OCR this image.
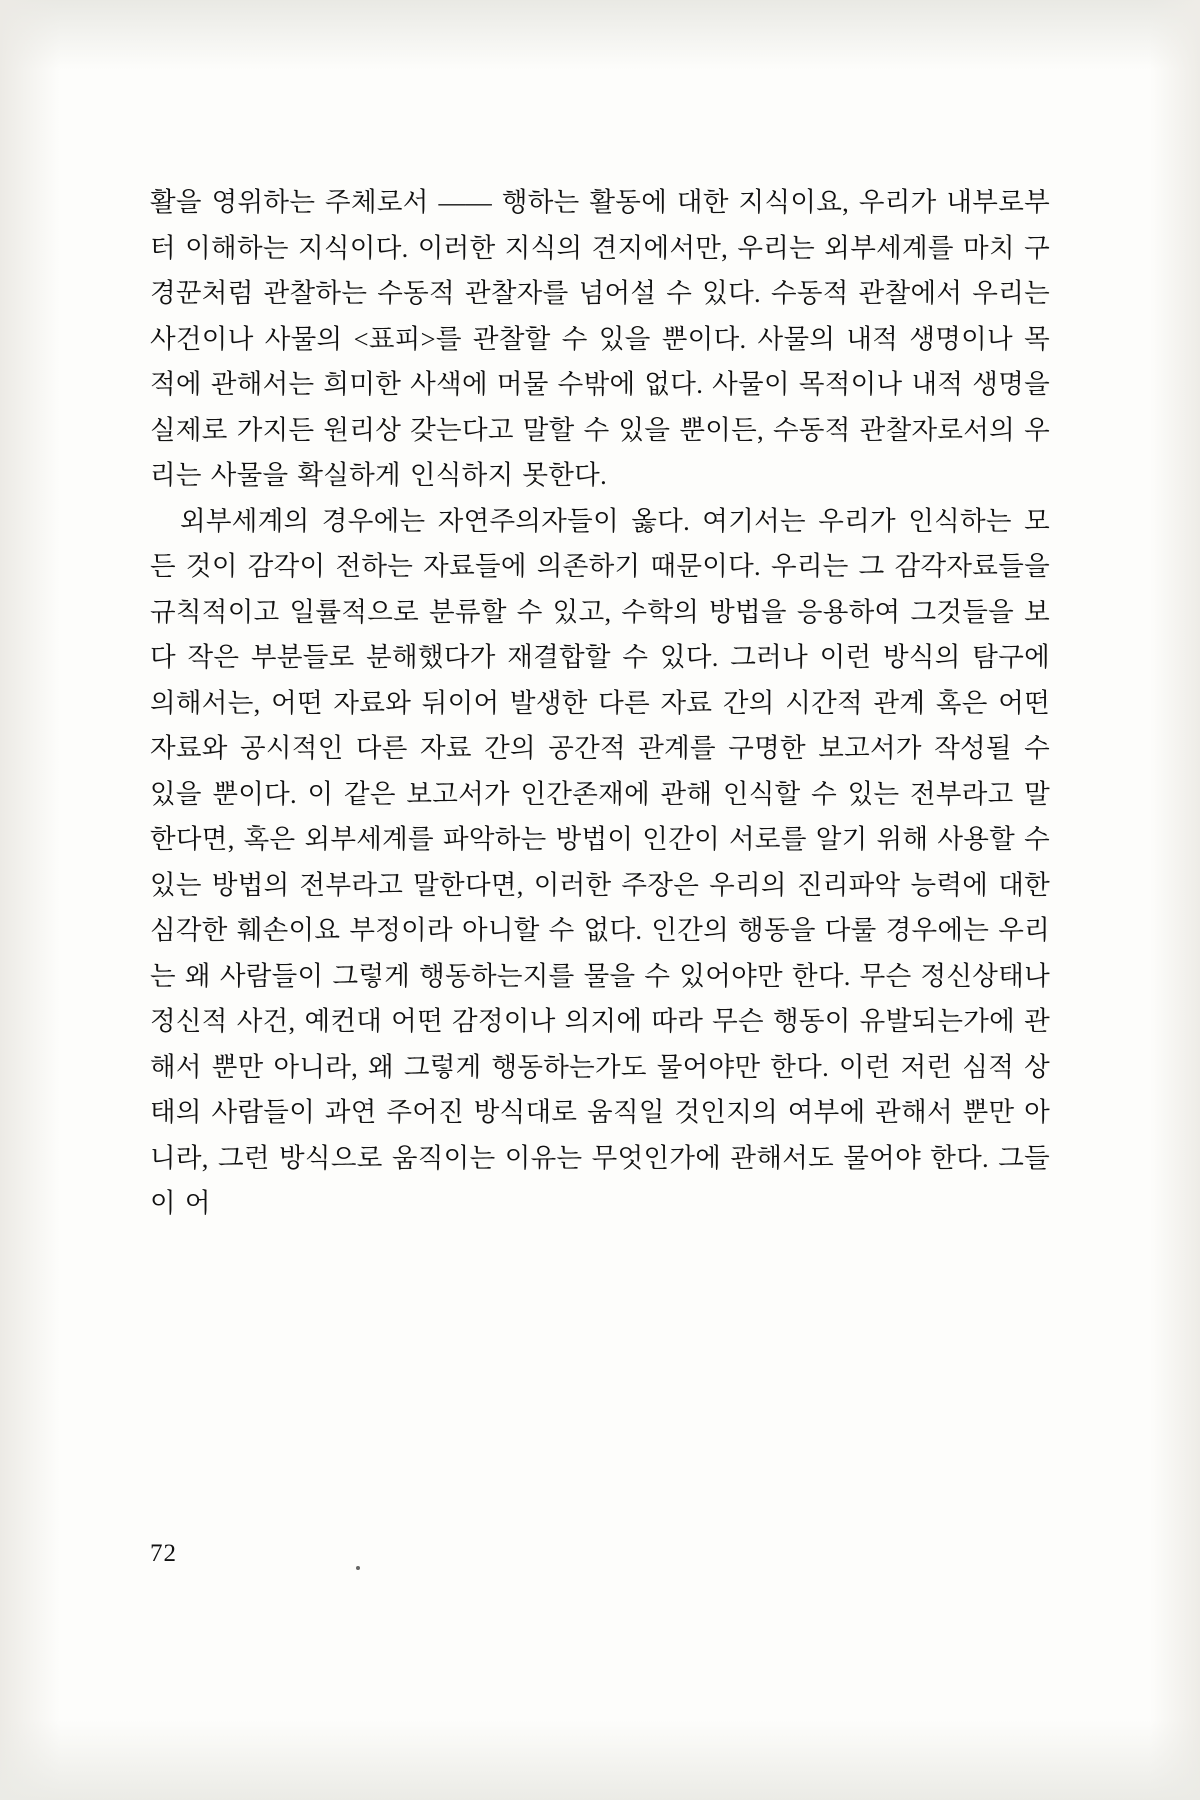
활을 영위하는 주체로서 —— 행하는 활동에 대한 지식이요, 우리가 내부로부터 이해하는 지식이다. 이러한 지식의 견지에서만, 우리는 외부세계를 마치 구경꾼처럼 관찰하는 수동적 관찰자를 넘어설 수 있다. 수동적 관찰에서 우리는 사건이나 사물의 <표피>를 관찰할 수 있을 뿐이다. 사물의 내적 생명이나 목적에 관해서는 희미한 사색에 머물 수밖에 없다. 사물이 목적이나 내적 생명을 실제로 가지든 원리상 갖는다고 말할 수 있을 뿐이든, 수동적 관찰자로서의 우리는 사물을 확실하게 인식하지 못한다.

외부세계의 경우에는 자연주의자들이 옳다. 여기서는 우리가 인식하는 모든 것이 감각이 전하는 자료들에 의존하기 때문이다. 우리는 그 감각자료들을 규칙적이고 일률적으로 분류할 수 있고, 수학의 방법을 응용하여 그것들을 보다 작은 부분들로 분해했다가 재결합할 수 있다. 그러나 이런 방식의 탐구에 의해서는, 어떤 자료와 뒤이어 발생한 다른 자료 간의 시간적 관계 혹은 어떤 자료와 공시적인 다른 자료 간의 공간적 관계를 구명한 보고서가 작성될 수 있을 뿐이다. 이 같은 보고서가 인간존재에 관해 인식할 수 있는 전부라고 말한다면, 혹은 외부세계를 파악하는 방법이 인간이 서로를 알기 위해 사용할 수 있는 방법의 전부라고 말한다면, 이러한 주장은 우리의 진리파악 능력에 대한 심각한 훼손이요 부정이라 아니할 수 없다. 인간의 행동을 다룰 경우에는 우리는 왜 사람들이 그렇게 행동하는지를 물을 수 있어야만 한다. 무슨 정신상태나 정신적 사건, 예컨대 어떤 감정이나 의지에 따라 무슨 행동이 유발되는가에 관해서 뿐만 아니라, 왜 그렇게 행동하는가도 물어야만 한다. 이런 저런 심적 상태의 사람들이 과연 주어진 방식대로 움직일 것인지의 여부에 관해서 뿐만 아니라, 그런 방식으로 움직이는 이유는 무엇인가에 관해서도 물어야 한다. 그들이 어

72
